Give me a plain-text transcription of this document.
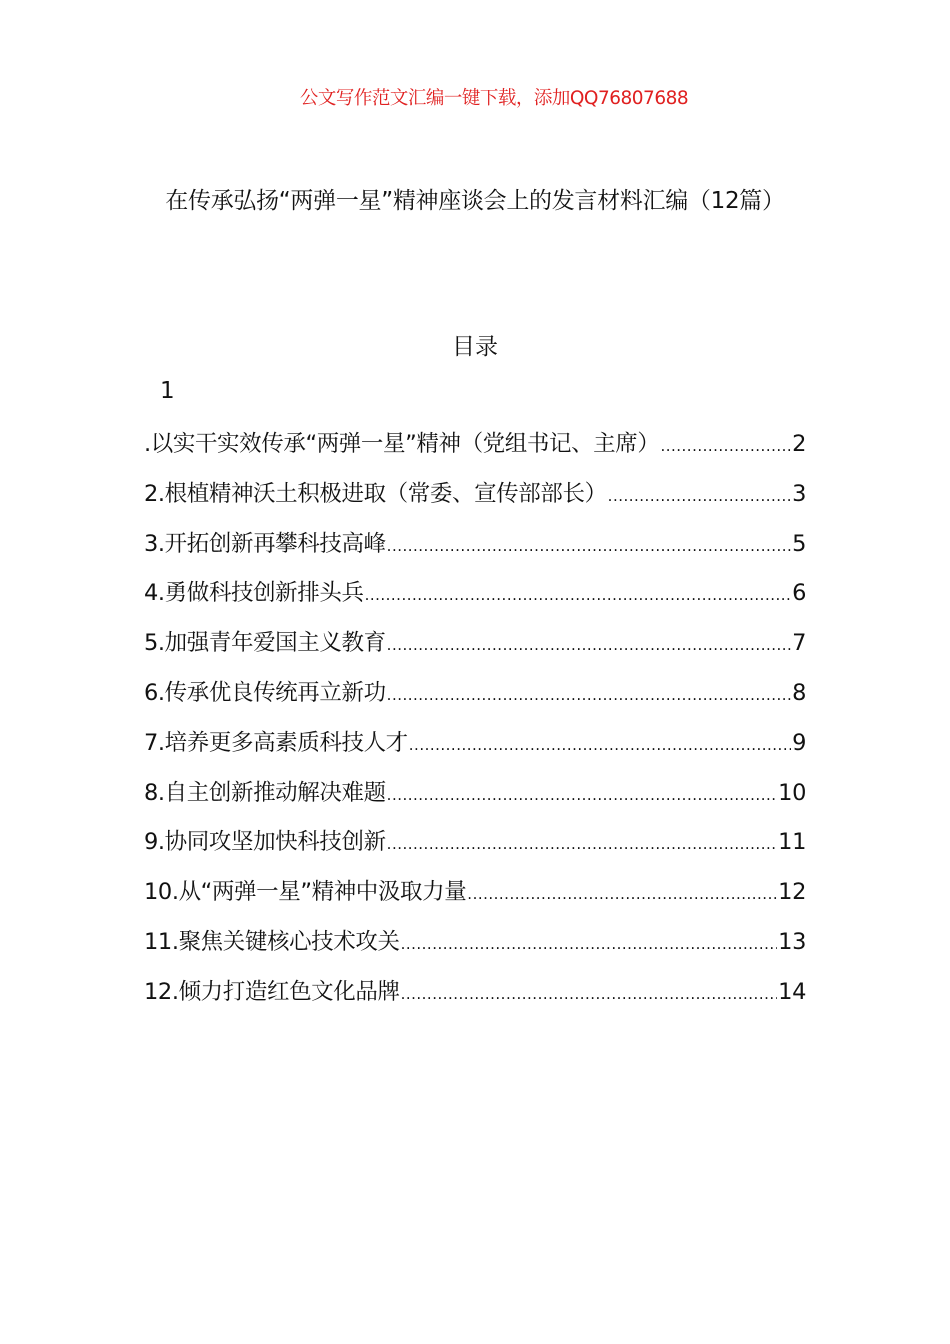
公文写作范文汇编一键下载，添加QQ76807688
在传承弘扬“两弹一星”精神座谈会上的发言材料汇编（12篇）
目录
1
.以实干实效传承“两弹一星”精神（党组书记、主席） .....	2
2.根植精神沃土积极进取（常委、宣传部部长） .....	3
3.开拓创新再攀科技高峰 .....	5
4.勇做科技创新排头兵 .....	6
5.加强青年爱国主义教育 .....	7
6.传承优良传统再立新功 .....	8
7.培养更多高素质科技人才 .....	9
8.自主创新推动解决难题 .....	10
9.协同攻坚加快科技创新 .....	11
10.从“两弹一星”精神中汲取力量 .....	12
11.聚焦关键核心技术攻关 .....	13
12.倾力打造红色文化品牌 .....	14
